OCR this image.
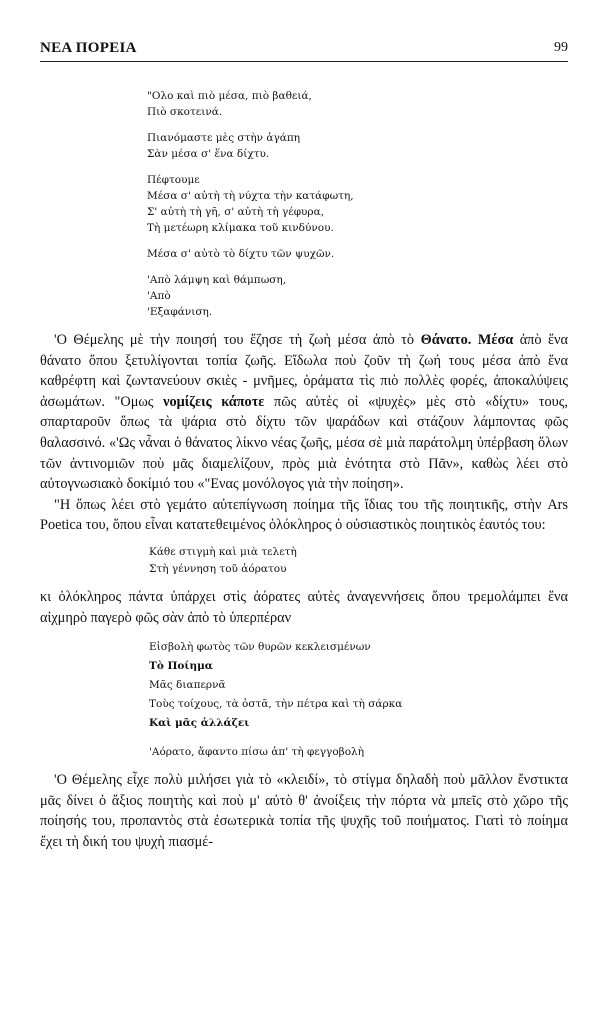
ΝΕΑ ΠΟΡΕΙΑ	99
"Ολο καὶ πιὸ μέσα, πιὸ βαθειά,
Πιὸ σκοτεινά.
Πιανόμαστε μὲς στὴν ἀγάπη
Σὰν μέσα σ' ἕνα δίχτυ.
Πέφτουμε
Μέσα σ' αὐτὴ τὴ νύχτα τὴν κατάφωτη,
Σ' αὐτὴ τὴ γῆ, σ' αὐτὴ τὴ γέφυρα,
Τὴ μετέωρη κλίμακα τοῦ κινδύνου.
Μέσα σ' αὐτὸ τὸ δίχτυ τῶν ψυχῶν.
'Απὸ λάμψη καὶ θάμπωση,
'Απὸ
'Εξαφάνιση.

'Ο Θέμελης μὲ τὴν ποιησή του ἔζησε τὴ ζωὴ μέσα ἀπὸ τὸ Θάνατο. Μέσα ἀπὸ ἕνα θάνατο ὅπου ξετυλίγονται τοπία ζωῆς. Εἴδωλα ποὺ ζοῦν τὴ ζωή τους μέσα ἀπὸ ἕνα καθρέφτη καὶ ζωντανεύουν σκιὲς - μνῆμες, ὁράματα τὶς πιὸ πολλὲς φορές, ἀποκαλύψεις ἀσωμάτων. "Ομως νομίζεις κάποτε πῶς αὐτὲς οἱ «ψυχὲς» μὲς στὸ «δίχτυ» τους, σπαρταροῦν ὅπως τὰ ψάρια στὸ δίχτυ τῶν ψαράδων καὶ στάζουν λάμποντας φῶς θαλασσινό. «'Ως νἆναι ὁ θάνατος λίκνο νέας ζωῆς, μέσα σὲ μιὰ παράτολμη ὑπέρβαση ὅλων τῶν ἀντινομιῶν ποὺ μᾶς διαμελίζουν, πρὸς μιὰ ἑνότητα στὸ Πᾶν», καθὼς λέει στὸ αὐτογνωσιακὸ δοκίμιό του «"Ενας μονόλογος γιὰ τὴν ποίηση».

"Η ὅπως λέει στὸ γεμάτο αὐτεπίγνωση ποίημα τῆς ἴδιας του τῆς ποιητικῆς, στὴν Ars Poetica του, ὅπου εἶναι κατατεθειμένος ὁλόκληρος ὁ οὐσιαστικὸς ποιητικὸς ἑαυτός του:

Κάθε στιγμὴ καὶ μιὰ τελετὴ
Στὴ γέννηση τοῦ ἀόρατου

κι ὁλόκληρος πάντα ὑπάρχει στὶς ἀόρατες αὐτὲς ἀναγεννήσεις ὅπου τρεμολάμπει ἕνα αἰχμηρὸ παγερὸ φῶς σὰν ἀπὸ τὸ ὑπερπέραν

Εἰσβολὴ φωτὸς τῶν θυρῶν κεκλεισμένων
Τὸ Ποίημα
Μᾶς διαπερνᾶ
Τοὺς τοίχους, τὰ ὀστᾶ, τὴν πέτρα καὶ τὴ σάρκα
Καὶ μᾶς ἀλλάζει
'Αόρατο, ἄφαντο πίσω ἀπ' τὴ φεγγοβολὴ

'Ο Θέμελης εἶχε πολὺ μιλήσει γιὰ τὸ «κλειδί», τὸ στίγμα δηλαδὴ ποὺ μᾶλλον ἔνστικτα μᾶς δίνει ὁ ἄξιος ποιητὴς καὶ ποὺ μ' αὐτὸ θ' ἀνοίξεις τὴν πόρτα νὰ μπεῖς στὸ χῶρο τῆς ποίησής του, προπαντὸς στὰ ἐσωτερικὰ τοπία τῆς ψυχῆς τοῦ ποιήματος. Γιατὶ τὸ ποίημα ἔχει τὴ δική του ψυχὴ πιασμέ-
